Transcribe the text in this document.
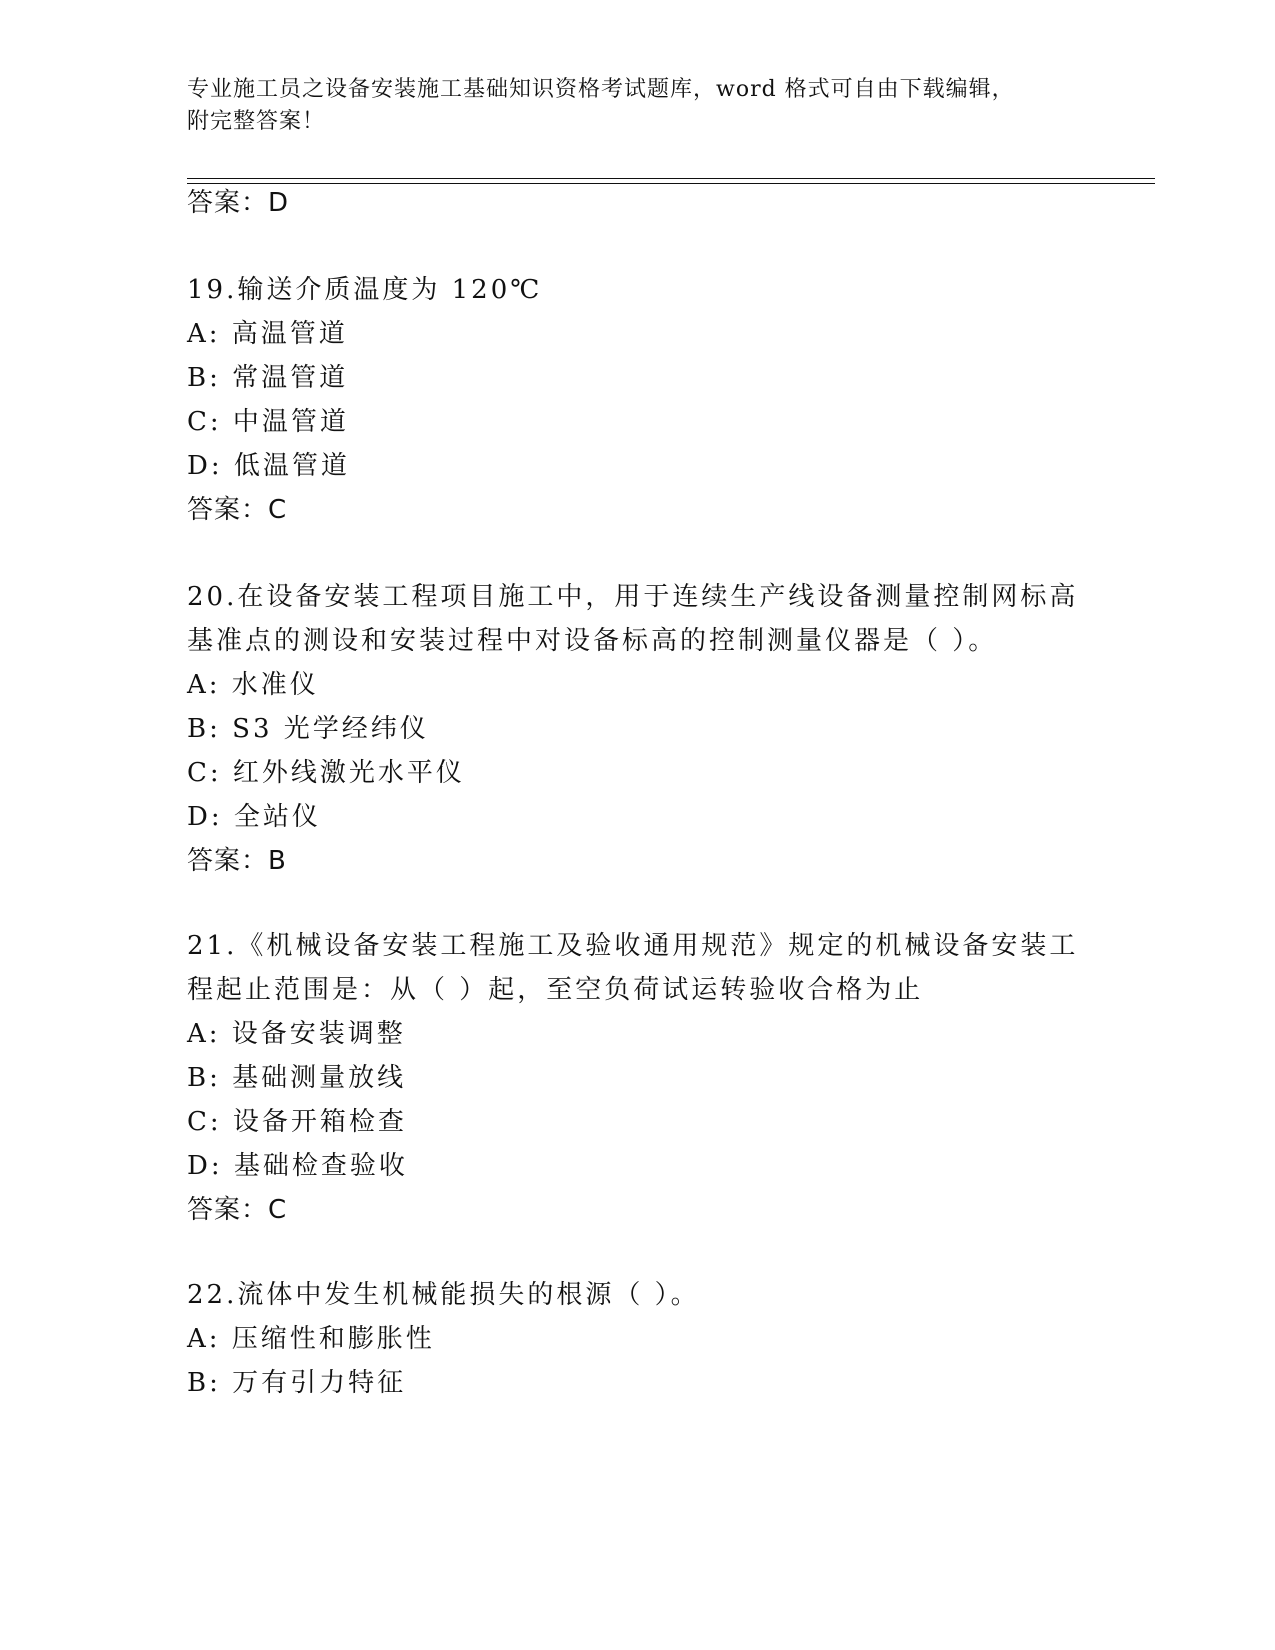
专业施工员之设备安装施工基础知识资格考试题库，word 格式可自由下载编辑，
附完整答案！
答案：D
19.输送介质温度为 120℃
A: 高温管道
B: 常温管道
C: 中温管道
D: 低温管道
答案：C
20.在设备安装工程项目施工中，用于连续生产线设备测量控制网标高
基准点的测设和安装过程中对设备标高的控制测量仪器是（ ）。
A: 水准仪
B: S3 光学经纬仪
C: 红外线激光水平仪
D: 全站仪
答案：B
21.《机械设备安装工程施工及验收通用规范》规定的机械设备安装工
程起止范围是：从（ ）起，至空负荷试运转验收合格为止
A: 设备安装调整
B: 基础测量放线
C: 设备开箱检查
D: 基础检查验收
答案：C
22.流体中发生机械能损失的根源（ ）。
A: 压缩性和膨胀性
B: 万有引力特征
